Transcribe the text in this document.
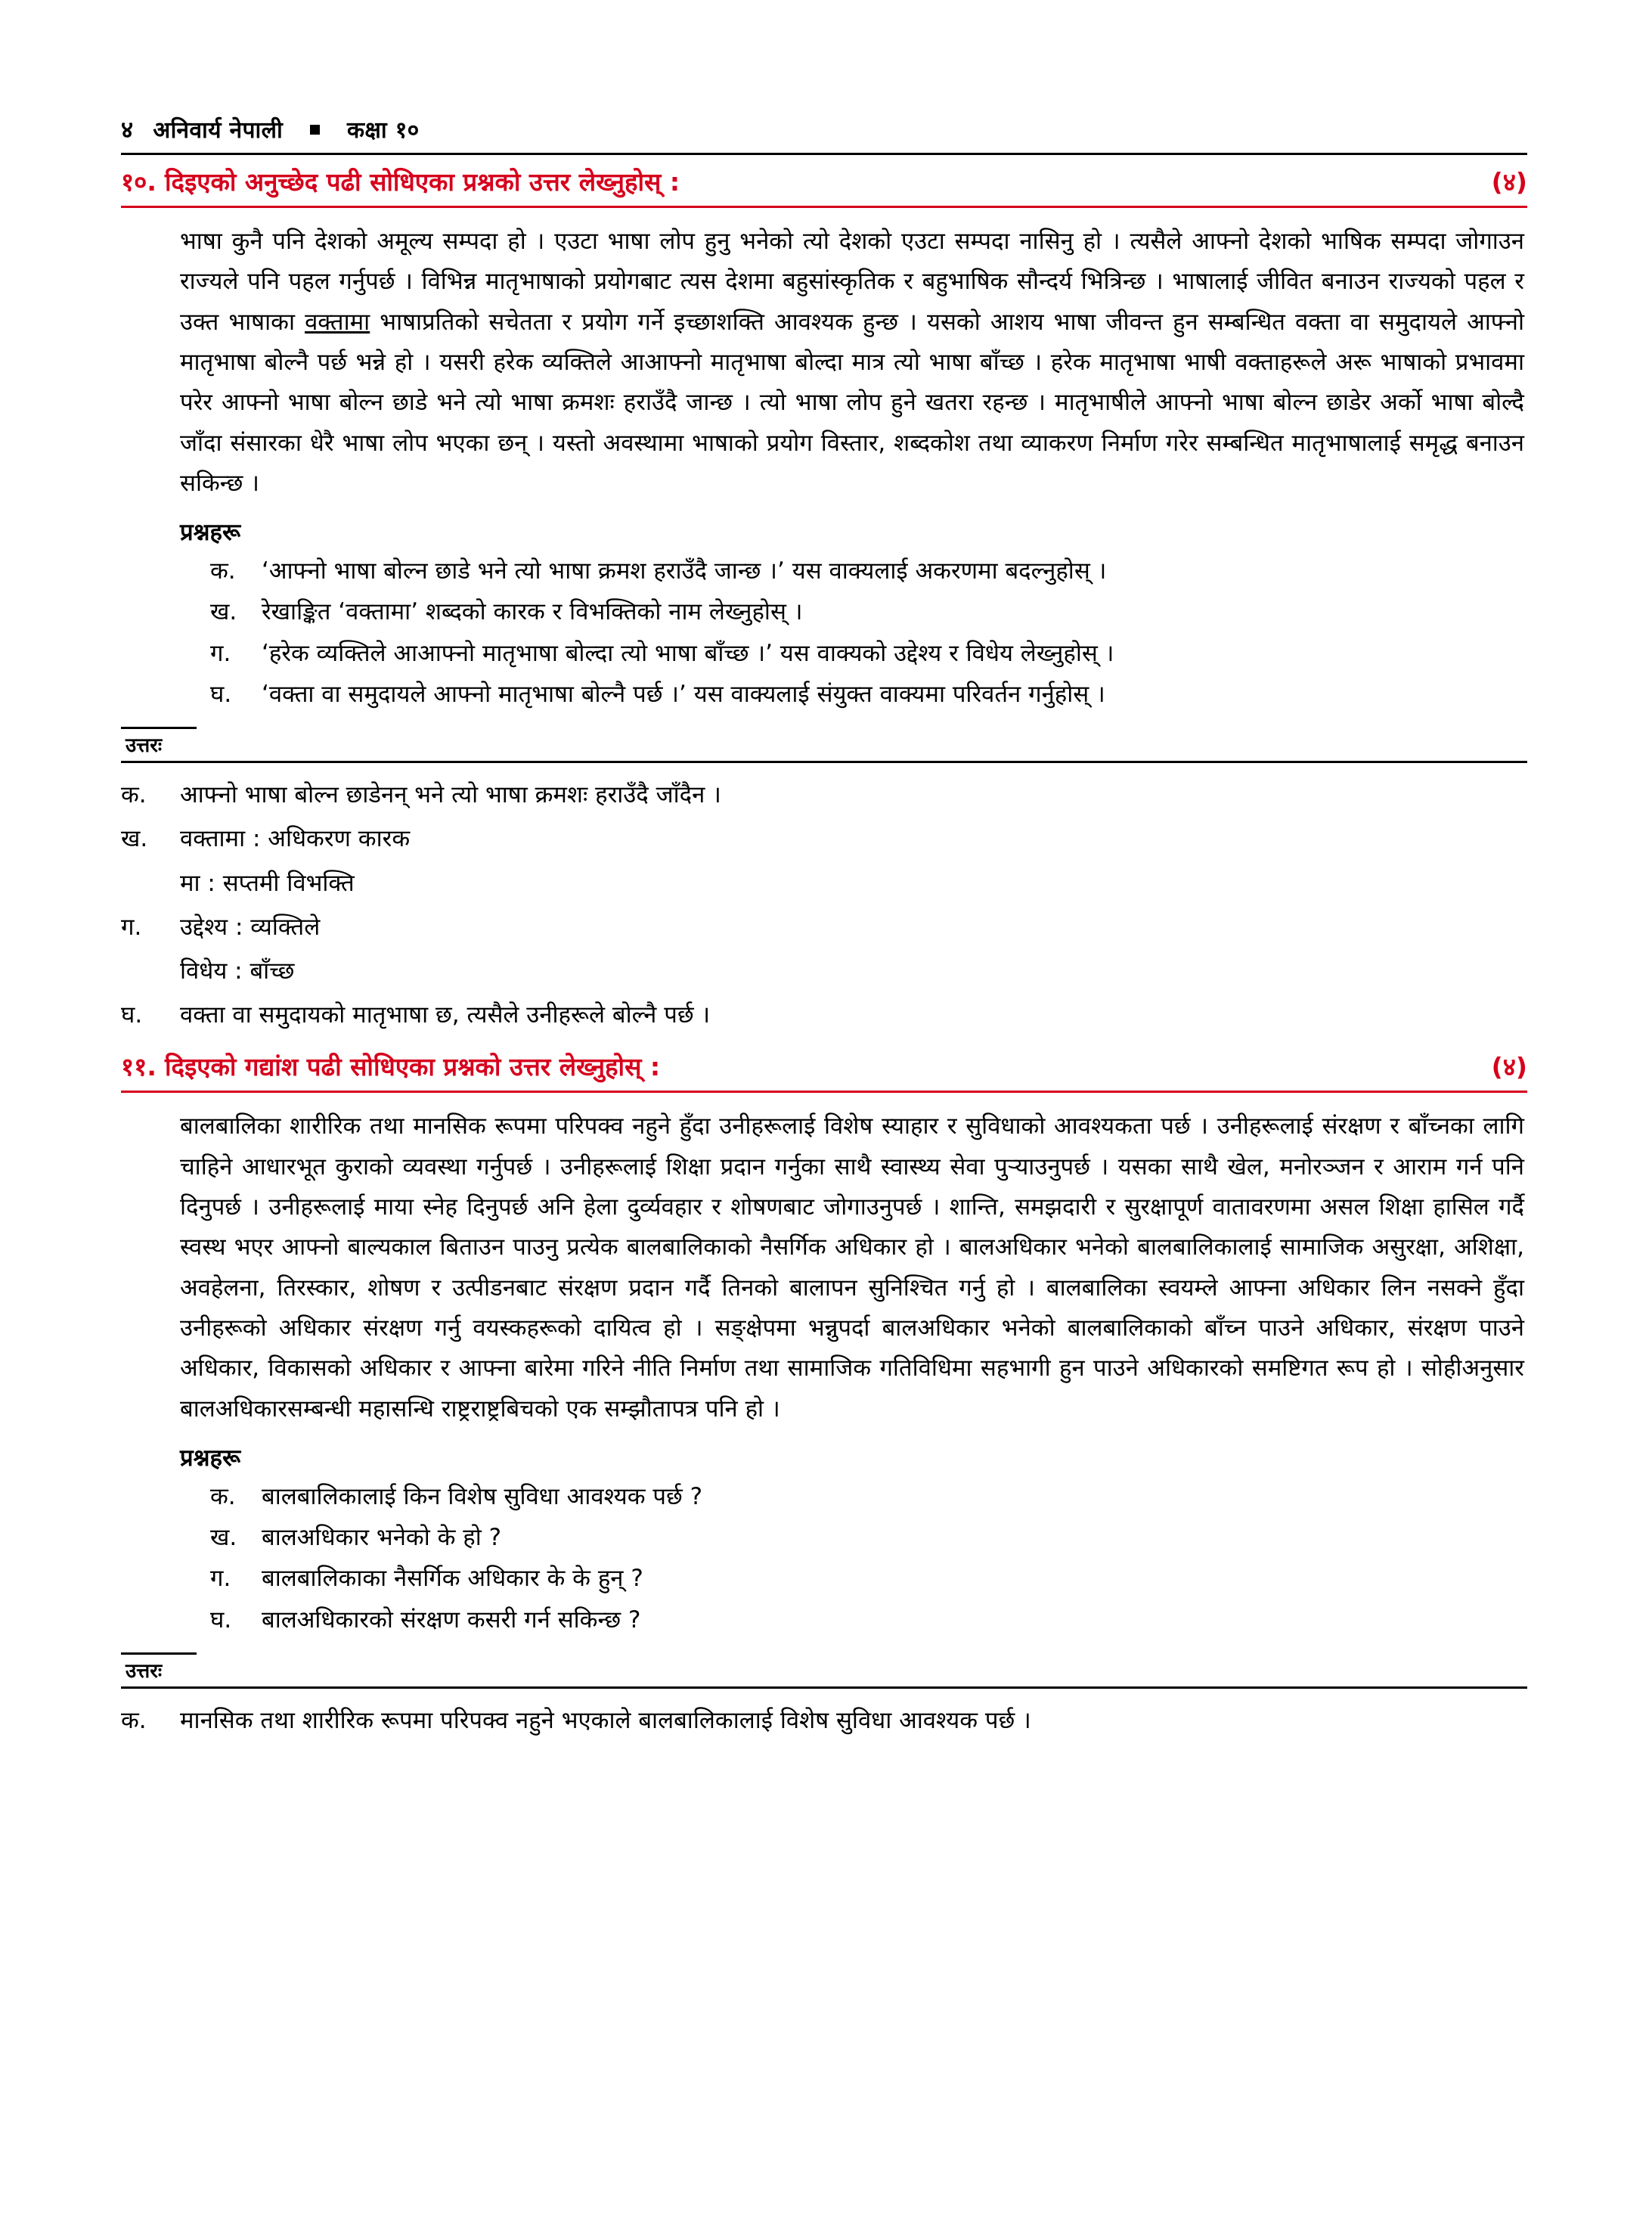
४ अनिवार्य नेपाली	कक्षा १०
१०. दिइएको अनुच्छेद पढी सोधिएका प्रश्नको उत्तर लेख्नुहोस् :	(४)

भाषा कुनै पनि देशको अमूल्य सम्पदा हो । एउटा भाषा लोप हुनु भनेको त्यो देशको एउटा सम्पदा नासिनु हो । त्यसैले आफ्नो देशको भाषिक सम्पदा जोगाउन राज्यले पनि पहल गर्नुपर्छ । विभिन्न मातृभाषाको प्रयोगबाट त्यस देशमा बहुसांस्कृतिक र बहुभाषिक सौन्दर्य भित्रिन्छ । भाषालाई जीवित बनाउन राज्यको पहल र उक्त भाषाका वक्तामा भाषाप्रतिको सचेतता र प्रयोग गर्ने इच्छाशक्ति आवश्यक हुन्छ । यसको आशय भाषा जीवन्त हुन सम्बन्धित वक्ता वा समुदायले आफ्नो मातृभाषा बोल्नै पर्छ भन्ने हो । यसरी हरेक व्यक्तिले आआफ्नो मातृभाषा बोल्दा मात्र त्यो भाषा बाँच्छ । हरेक मातृभाषा भाषी वक्ताहरूले अरू भाषाको प्रभावमा परेर आफ्नो भाषा बोल्न छाडे भने त्यो भाषा क्रमशः हराउँदै जान्छ । त्यो भाषा लोप हुने खतरा रहन्छ । मातृभाषीले आफ्नो भाषा बोल्न छाडेर अर्को भाषा बोल्दै जाँदा संसारका धेरै भाषा लोप भएका छन् । यस्तो अवस्थामा भाषाको प्रयोग विस्तार, शब्दकोश तथा व्याकरण निर्माण गरेर सम्बन्धित मातृभाषालाई समृद्ध बनाउन सकिन्छ ।

प्रश्नहरू
क.	‘आफ्नो भाषा बोल्न छाडे भने त्यो भाषा क्रमश हराउँदै जान्छ ।’ यस वाक्यलाई अकरणमा बदल्नुहोस् ।
ख.	रेखाङ्कित ‘वक्तामा’ शब्दको कारक र विभक्तिको नाम लेख्नुहोस् ।
ग.	‘हरेक व्यक्तिले आआफ्नो मातृभाषा बोल्दा त्यो भाषा बाँच्छ ।’ यस वाक्यको उद्देश्य र विधेय लेख्नुहोस् ।
घ.	‘वक्ता वा समुदायले आफ्नो मातृभाषा बोल्नै पर्छ ।’ यस वाक्यलाई संयुक्त वाक्यमा परिवर्तन गर्नुहोस् ।
उत्तरः
क.	आफ्नो भाषा बोल्न छाडेनन् भने त्यो भाषा क्रमशः हराउँदै जाँदैन ।
ख.	वक्तामा : अधिकरण कारक
मा : सप्तमी विभक्ति
ग.	उद्देश्य : व्यक्तिले
विधेय : बाँच्छ
घ.	वक्ता वा समुदायको मातृभाषा छ, त्यसैले उनीहरूले बोल्नै पर्छ ।
११. दिइएको गद्यांश पढी सोधिएका प्रश्नको उत्तर लेख्नुहोस् :	(४)

बालबालिका शारीरिक तथा मानसिक रूपमा परिपक्व नहुने हुँदा उनीहरूलाई विशेष स्याहार र सुविधाको आवश्यकता पर्छ । उनीहरूलाई संरक्षण र बाँच्नका लागि चाहिने आधारभूत कुराको व्यवस्था गर्नुपर्छ । उनीहरूलाई शिक्षा प्रदान गर्नुका साथै स्वास्थ्य सेवा पुऱ्याउनुपर्छ । यसका साथै खेल, मनोरञ्जन र आराम गर्न पनि दिनुपर्छ । उनीहरूलाई माया स्नेह दिनुपर्छ अनि हेला दुर्व्यवहार र शोषणबाट जोगाउनुपर्छ । शान्ति, समझदारी र सुरक्षापूर्ण वातावरणमा असल शिक्षा हासिल गर्दै स्वस्थ भएर आफ्नो बाल्यकाल बिताउन पाउनु प्रत्येक बालबालिकाको नैसर्गिक अधिकार हो । बालअधिकार भनेको बालबालिकालाई सामाजिक असुरक्षा, अशिक्षा, अवहेलना, तिरस्कार, शोषण र उत्पीडनबाट संरक्षण प्रदान गर्दै तिनको बालापन सुनिश्चित गर्नु हो । बालबालिका स्वयम्ले आफ्ना अधिकार लिन नसक्ने हुँदा उनीहरूको अधिकार संरक्षण गर्नु वयस्कहरूको दायित्व हो । सङ्क्षेपमा भन्नुपर्दा बालअधिकार भनेको बालबालिकाको बाँच्न पाउने अधिकार, संरक्षण पाउने अधिकार, विकासको अधिकार र आफ्ना बारेमा गरिने नीति निर्माण तथा सामाजिक गतिविधिमा सहभागी हुन पाउने अधिकारको समष्टिगत रूप हो । सोहीअनुसार बालअधिकारसम्बन्धी महासन्धि राष्ट्रराष्ट्रबिचको एक सम्झौतापत्र पनि हो ।

प्रश्नहरू
क.	बालबालिकालाई किन विशेष सुविधा आवश्यक पर्छ ?
ख.	बालअधिकार भनेको के हो ?
ग.	बालबालिकाका नैसर्गिक अधिकार के के हुन् ?
घ.	बालअधिकारको संरक्षण कसरी गर्न सकिन्छ ?
उत्तरः
क.	मानसिक तथा शारीरिक रूपमा परिपक्व नहुने भएकाले बालबालिकालाई विशेष सुविधा आवश्यक पर्छ ।
